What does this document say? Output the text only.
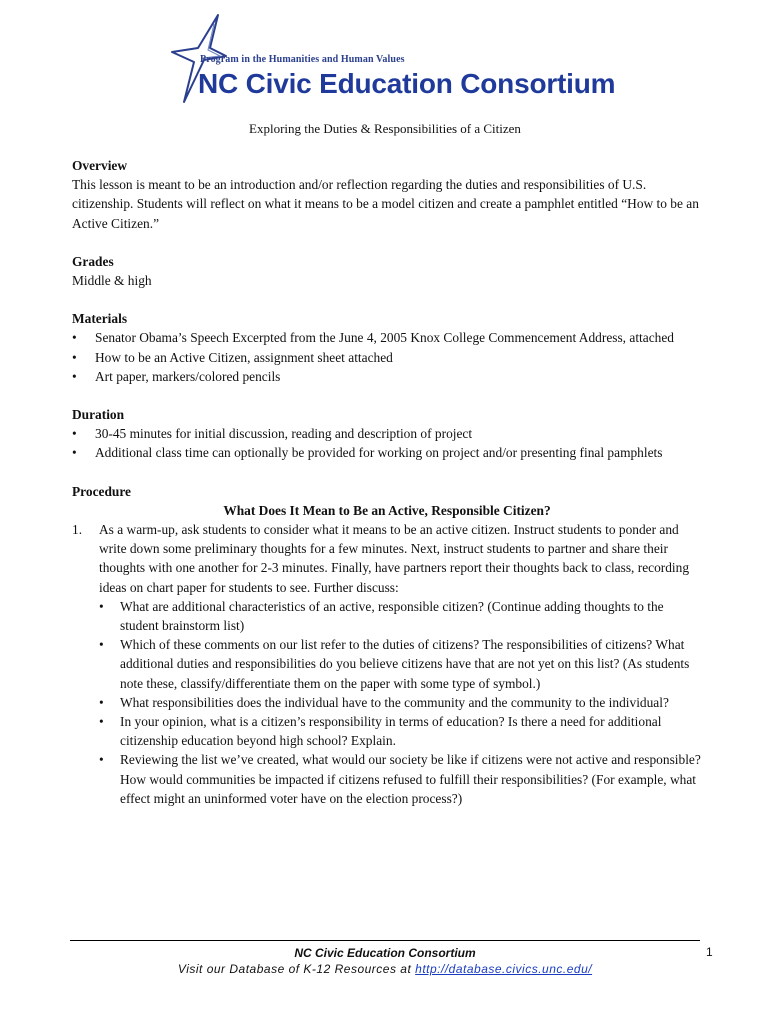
Program in the Humanities and Human Values
NC Civic Education Consortium
Exploring the Duties & Responsibilities of a Citizen

Overview

This lesson is meant to be an introduction and/or reflection regarding the duties and responsibilities of U.S. citizenship. Students will reflect on what it means to be a model citizen and create a pamphlet entitled “How to be an Active Citizen.”

Grades

Middle & high

Materials

• Senator Obama’s Speech Excerpted from the June 4, 2005 Knox College Commencement Address, attached
• How to be an Active Citizen, assignment sheet attached
• Art paper, markers/colored pencils

Duration

• 30-45 minutes for initial discussion, reading and description of project
• Additional class time can optionally be provided for working on project and/or presenting final pamphlets

Procedure

What Does It Mean to Be an Active, Responsible Citizen?

1. As a warm-up, ask students to consider what it means to be an active citizen. Instruct students to ponder and write down some preliminary thoughts for a few minutes. Next, instruct students to partner and share their thoughts with one another for 2-3 minutes. Finally, have partners report their thoughts back to class, recording ideas on chart paper for students to see. Further discuss:

• What are additional characteristics of an active, responsible citizen? (Continue adding thoughts to the student brainstorm list)
• Which of these comments on our list refer to the duties of citizens? The responsibilities of citizens? What additional duties and responsibilities do you believe citizens have that are not yet on this list? (As students note these, classify/differentiate them on the paper with some type of symbol.)
• What responsibilities does the individual have to the community and the community to the individual?
• In your opinion, what is a citizen’s responsibility in terms of education? Is there a need for additional citizenship education beyond high school? Explain.
• Reviewing the list we’ve created, what would our society be like if citizens were not active and responsible? How would communities be impacted if citizens refused to fulfill their responsibilities? (For example, what effect might an uninformed voter have on the election process?)
NC Civic Education Consortium
Visit our Database of K-12 Resources at http://database.civics.unc.edu/
1
